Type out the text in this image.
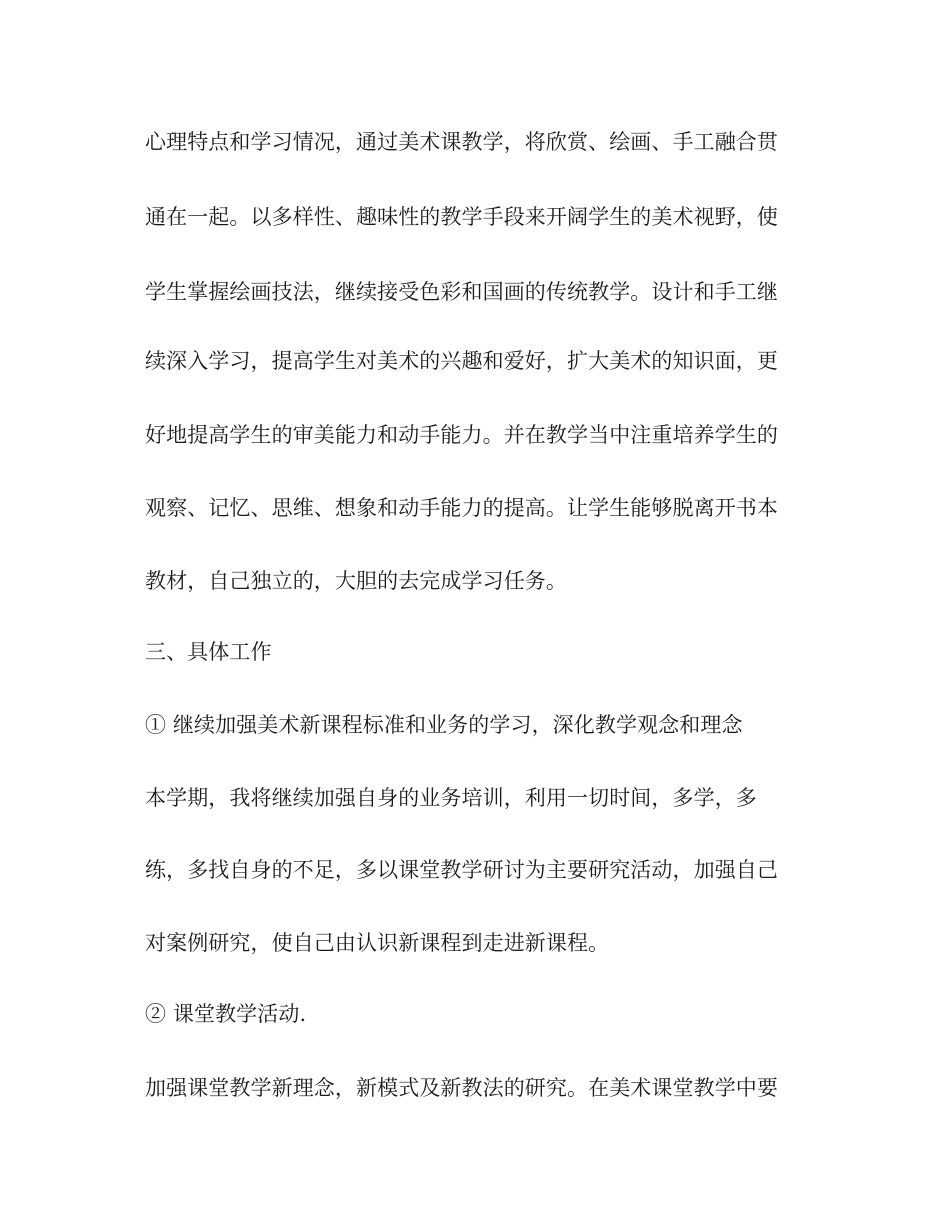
心理特点和学习情况，通过美术课教学，将欣赏、绘画、手工融合贯
通在一起。以多样性、趣味性的教学手段来开阔学生的美术视野，使
学生掌握绘画技法，继续接受色彩和国画的传统教学。设计和手工继
续深入学习，提高学生对美术的兴趣和爱好，扩大美术的知识面，更
好地提高学生的审美能力和动手能力。并在教学当中注重培养学生的
观察、记忆、思维、想象和动手能力的提高。让学生能够脱离开书本
教材，自己独立的，大胆的去完成学习任务。
三、具体工作
① 继续加强美术新课程标准和业务的学习，深化教学观念和理念
本学期，我将继续加强自身的业务培训，利用一切时间，多学，多
练，多找自身的不足，多以课堂教学研讨为主要研究活动，加强自己
对案例研究，使自己由认识新课程到走进新课程。
② 课堂教学活动.
加强课堂教学新理念，新模式及新教法的研究。在美术课堂教学中要
